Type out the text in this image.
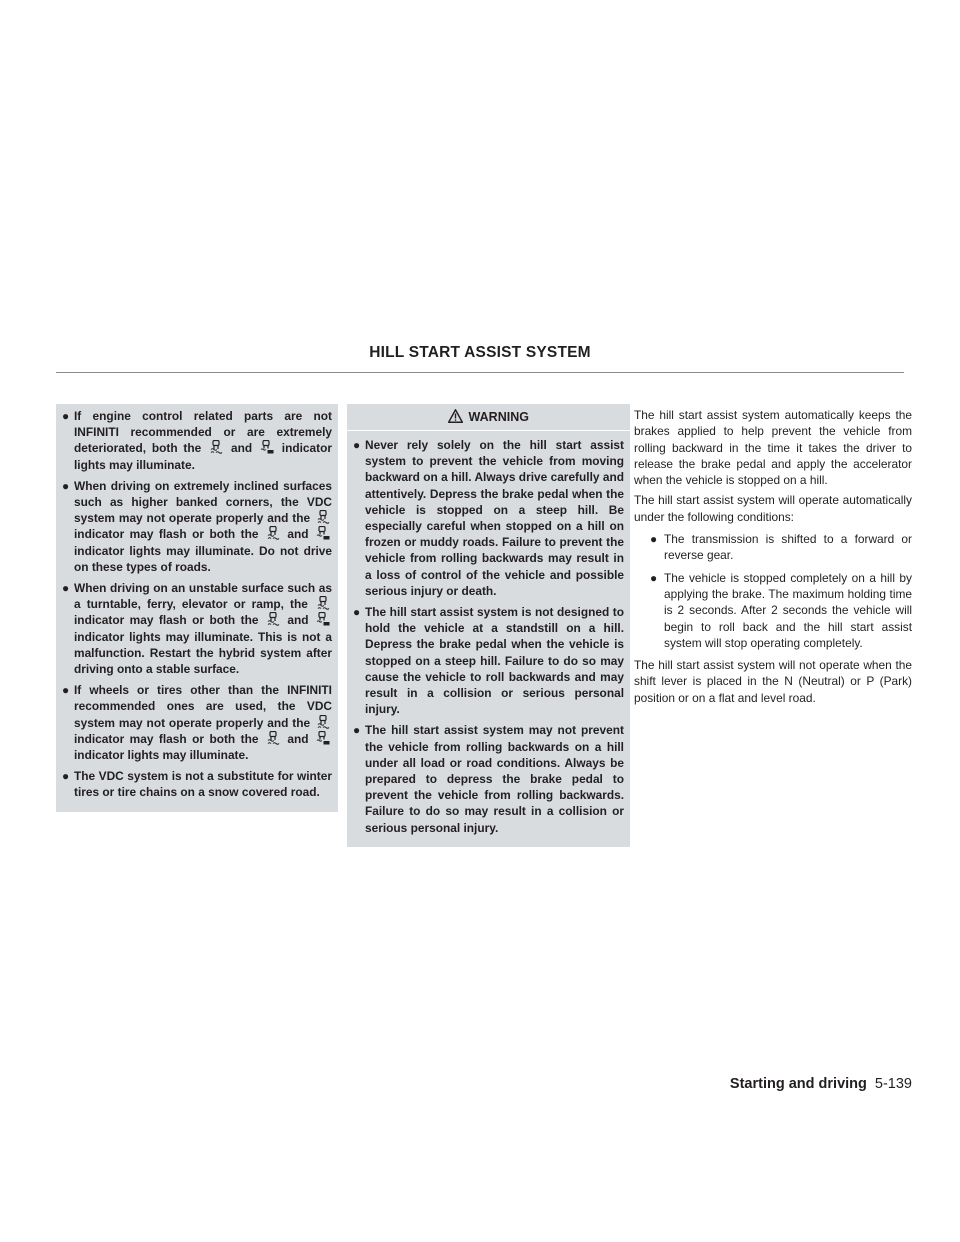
HILL START ASSIST SYSTEM
● If engine control related parts are not INFINITI recommended or are extremely deteriorated, both the and indicator lights may illuminate.
● When driving on extremely inclined surfaces such as higher banked corners, the VDC system may not operate properly and the
indicator may flash or both the and
indicator lights may illuminate. Do not drive on these types of roads.
● When driving on an unstable surface such as a turntable, ferry, elevator or ramp, the
indicator may flash or both the and
indicator lights may illuminate. This is not a malfunction. Restart the hybrid system after driving onto a stable surface.
● If wheels or tires other than the INFINITI recommended ones are used, the VDC system may not operate properly and the
indicator may flash or both the and
indicator lights may illuminate.
● The VDC system is not a substitute for winter tires or tire chains on a snow covered road.
WARNING
● Never rely solely on the hill start assist system to prevent the vehicle from moving backward on a hill. Always drive carefully and attentively. Depress the brake pedal when the vehicle is stopped on a steep hill. Be especially careful when stopped on a hill on frozen or muddy roads. Failure to prevent the vehicle from rolling backwards may result in a loss of control of the vehicle and possible serious injury or death.
● The hill start assist system is not designed to hold the vehicle at a standstill on a hill. Depress the brake pedal when the vehicle is stopped on a steep hill. Failure to do so may cause the vehicle to roll backwards and may result in a collision or serious personal injury.
● The hill start assist system may not prevent the vehicle from rolling backwards on a hill under all load or road conditions. Always be prepared to depress the brake pedal to prevent the vehicle from rolling backwards. Failure to do so may result in a collision or serious personal injury.

The hill start assist system automatically keeps the brakes applied to help prevent the vehicle from rolling backward in the time it takes the driver to release the brake pedal and apply the accelerator when the vehicle is stopped on a hill.

The hill start assist system will operate automatically under the following conditions:

● The transmission is shifted to a forward or reverse gear.
● The vehicle is stopped completely on a hill by applying the brake. The maximum holding time is 2 seconds. After 2 seconds the vehicle will begin to roll back and the hill start assist system will stop operating completely.

The hill start assist system will not operate when the shift lever is placed in the N (Neutral) or P (Park) position or on a flat and level road.

Starting and driving 5-139
